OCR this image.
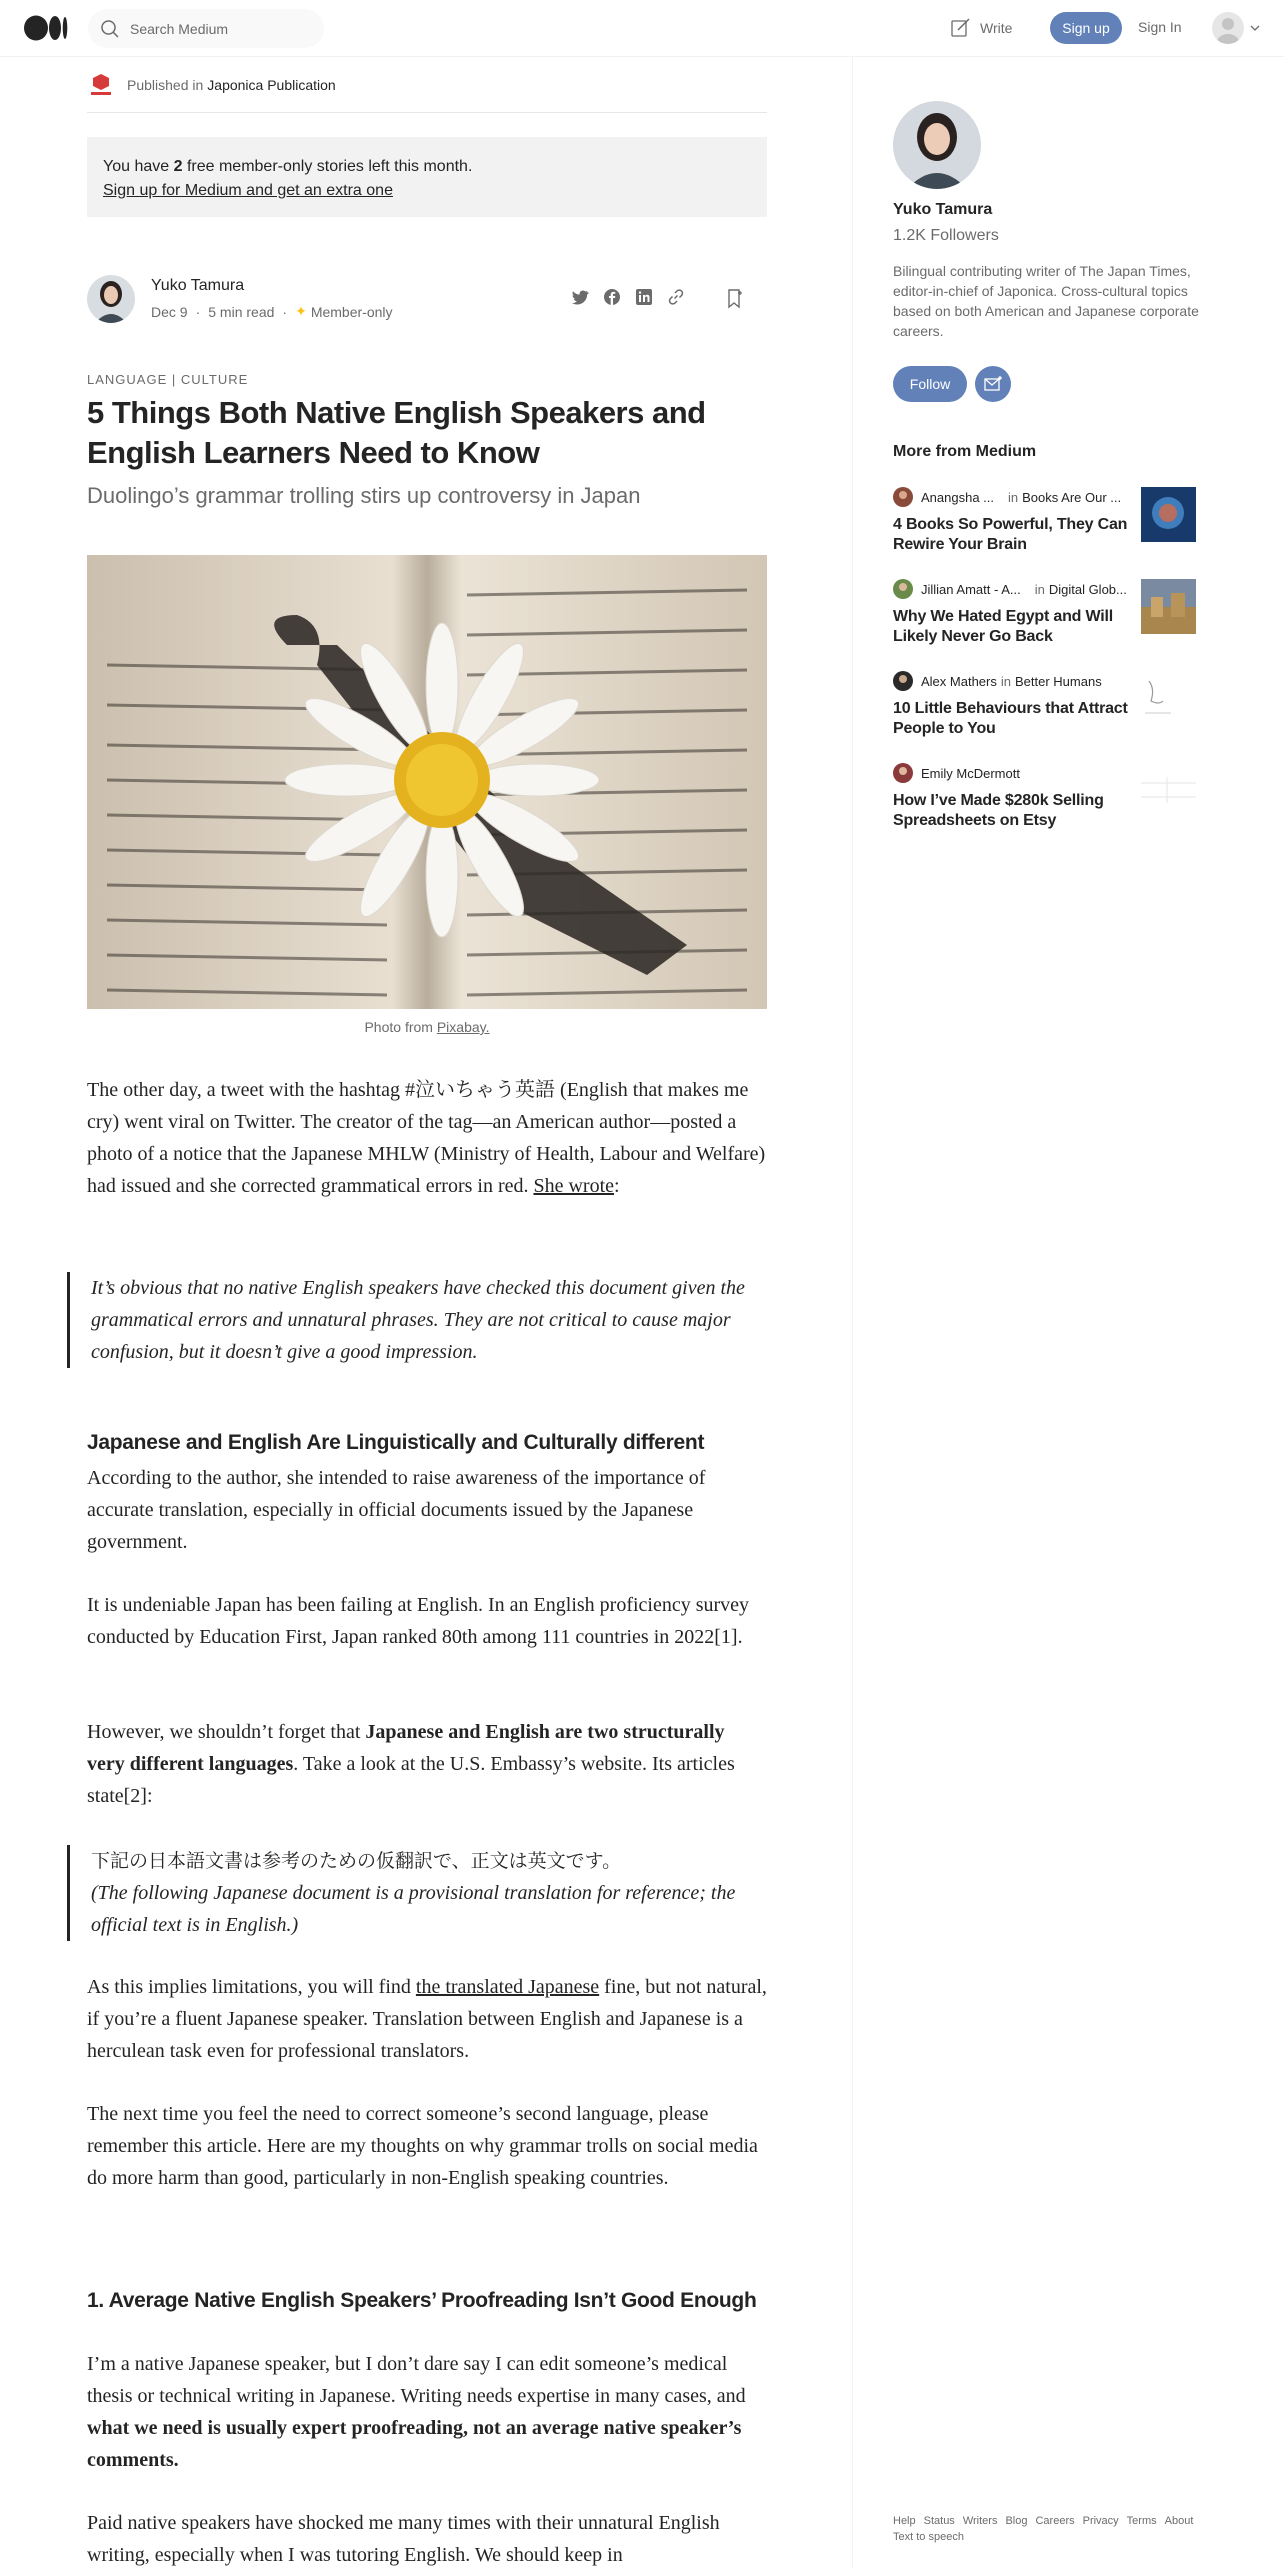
Search Medium
Write	Sign up	Sign In
Published in Japonica Publication
You have 2 free member-only stories left this month.
Sign up for Medium and get an extra one
Yuko Tamura
Dec 9 · 5 min read · ✦ Member-only
LANGUAGE | CULTURE
5 Things Both Native English Speakers and English Learners Need to Know
Duolingo’s grammar trolling stirs up controversy in Japan
Photo from Pixabay.

The other day, a tweet with the hashtag #泣いちゃう英語 (English that makes me cry) went viral on Twitter. The creator of the tag—an American author—posted a photo of a notice that the Japanese MHLW (Ministry of Health, Labour and Welfare) had issued and she corrected grammatical errors in red. She wrote:

It’s obvious that no native English speakers have checked this document given the grammatical errors and unnatural phrases. They are not critical to cause major confusion, but it doesn’t give a good impression.
Japanese and English Are Linguistically and Culturally different

According to the author, she intended to raise awareness of the importance of accurate translation, especially in official documents issued by the Japanese government.

It is undeniable Japan has been failing at English. In an English proficiency survey conducted by Education First, Japan ranked 80th among 111 countries in 2022[1].

However, we shouldn’t forget that Japanese and English are two structurally very different languages. Take a look at the U.S. Embassy’s website. Its articles state[2]:

下記の日本語文書は参考のための仮翻訳で、正文は英文です。
(The following Japanese document is a provisional translation for reference; the official text is in English.)

As this implies limitations, you will find the translated Japanese fine, but not natural, if you’re a fluent Japanese speaker. Translation between English and Japanese is a herculean task even for professional translators.

The next time you feel the need to correct someone’s second language, please remember this article. Here are my thoughts on why grammar trolls on social media do more harm than good, particularly in non-English speaking countries.

1. Average Native English Speakers’ Proofreading Isn’t Good Enough

I’m a native Japanese speaker, but I don’t dare say I can edit someone’s medical thesis or technical writing in Japanese. Writing needs expertise in many cases, and what we need is usually expert proofreading, not an average native speaker’s comments.

Paid native speakers have shocked me many times with their unnatural English writing, especially when I was tutoring English. We should keep in

Yuko Tamura
1.2K Followers
Bilingual contributing writer of The Japan Times, editor-in-chief of Japonica. Cross-cultural topics based on both American and Japanese corporate careers.
Follow
More from Medium
Anangsha ... in Books Are Our ...
4 Books So Powerful, They Can Rewire Your Brain
Jillian Amatt - A... in Digital Glob...
Why We Hated Egypt and Will Likely Never Go Back
Alex Mathers in Better Humans
10 Little Behaviours that Attract People to You
Emily McDermott
How I’ve Made $280k Selling Spreadsheets on Etsy
Help Status Writers Blog Careers Privacy Terms About
Text to speech
